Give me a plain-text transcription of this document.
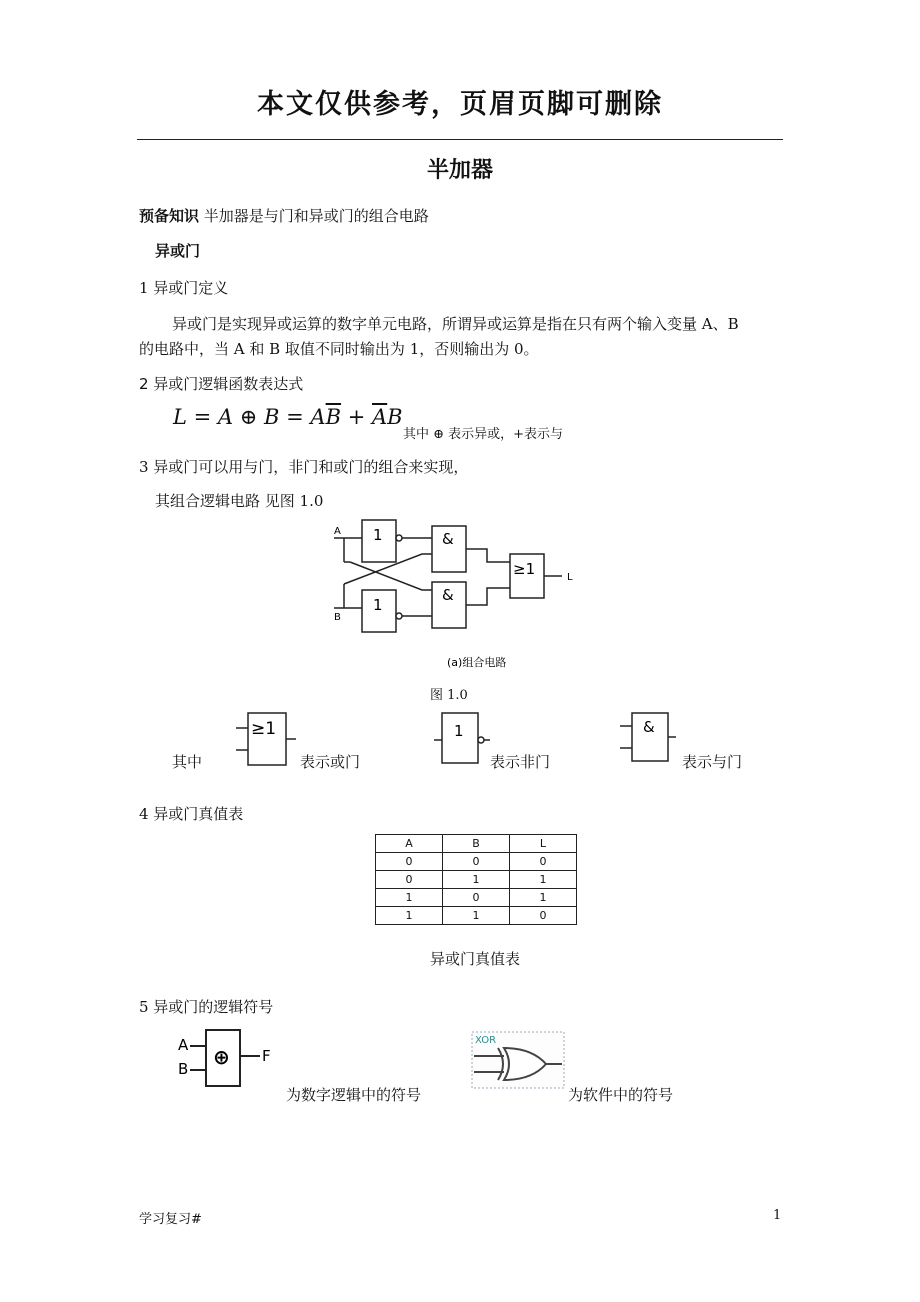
本文仅供参考，页眉页脚可删除
半加器
预备知识 半加器是与门和异或门的组合电路
异或门
1 异或门定义
异或门是实现异或运算的数字单元电路，所谓异或运算是指在只有两个输入变量 A、B
的电路中，当 A 和 B 取值不同时输出为 1，否则输出为 0。
2 异或门逻辑函数表达式
L = A ⊕ $B = A\overline{B} + \overline{A}B$
其中 ⊕ 表示异或，+表示与
3 异或门可以用与门，非门和或门的组合来实现，
其组合逻辑电路 见图 1.0
A
B
L
1
1
&
&
≥1
(a)组合电路
图 1.0
其中
≥1
表示或门
1
表示非门
&
表示与门
4 异或门真值表
A	B	L
0	0	0
0	1	1
1	0	1
1	1	0
异或门真值表
5 异或门的逻辑符号
A
B
F
⊕
为数字逻辑中的符号
XOR
为软件中的符号
学习复习#	1
